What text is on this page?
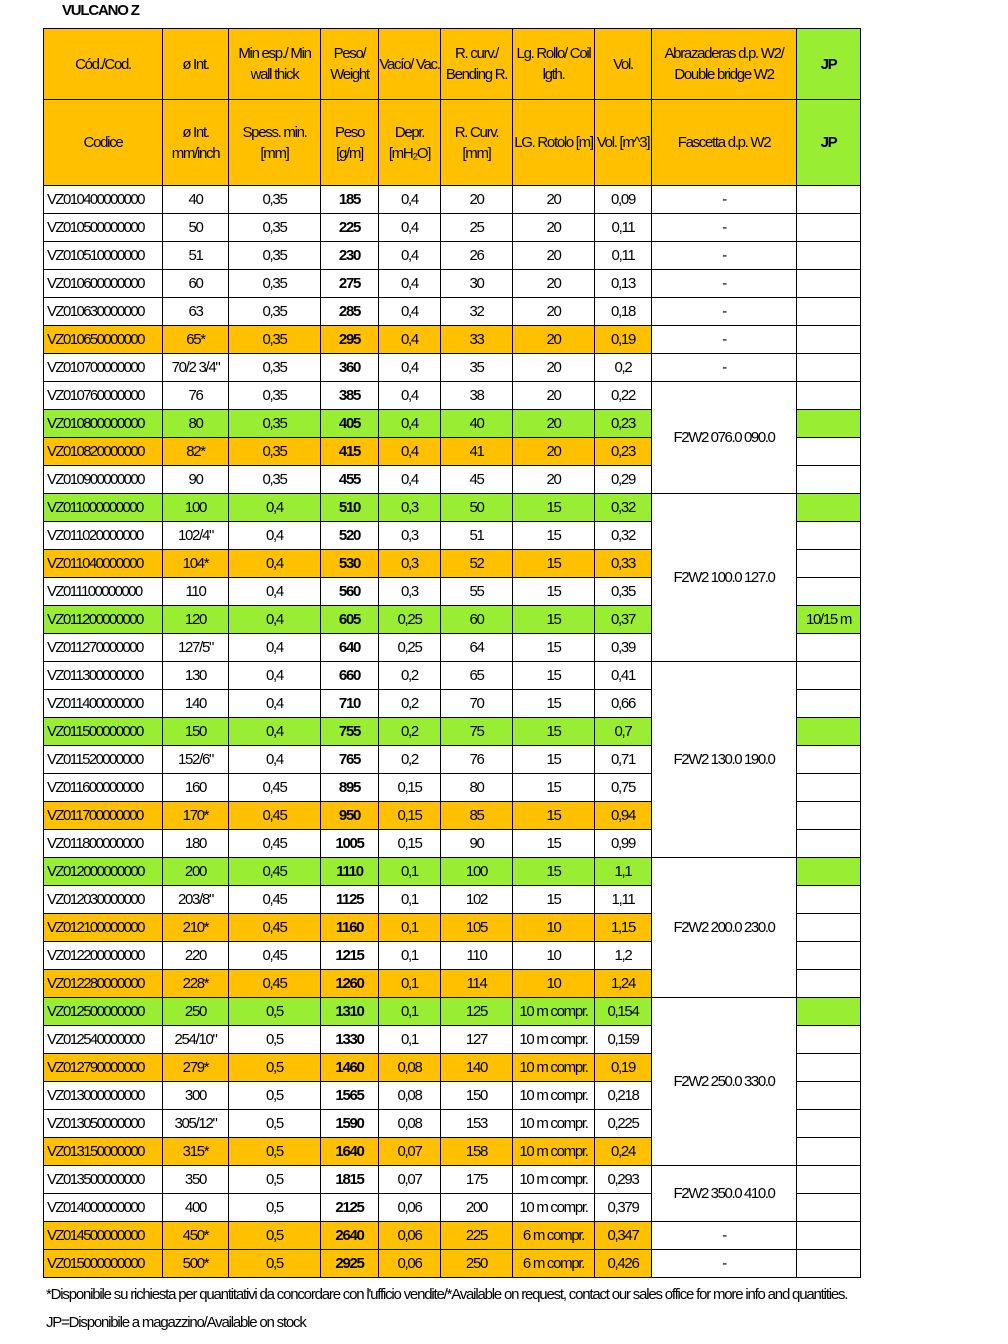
VULCANO Z
Cód./Cod.	ø Int.	Min esp./ Min wall thick	Peso/ Weight	Vacío/ Vac.	R. curv./ Bending R.	Lg. Rollo/ Coil lgth.	Vol.	Abrazaderas d.p. W2/ Double bridge W2	JP
Codice	ø Int. mm/inch	Spess. min. [mm]	Peso [g/m]	Depr. [mH₂O]	R. Curv. [mm]	LG. Rotolo [m]	Vol. [m^3]	Fascetta d.p. W2	JP
VZ010400000000	40	0,35	185	0,4	20	20	0,09	-	
VZ010500000000	50	0,35	225	0,4	25	20	0,11	-	
VZ010510000000	51	0,35	230	0,4	26	20	0,11	-	
VZ010600000000	60	0,35	275	0,4	30	20	0,13	-	
VZ010630000000	63	0,35	285	0,4	32	20	0,18	-	
VZ010650000000	65*	0,35	295	0,4	33	20	0,19	-	
VZ010700000000	70/2 3/4"	0,35	360	0,4	35	20	0,2	-	
VZ010760000000	76	0,35	385	0,4	38	20	0,22	F2W2 076.0 090.0	
VZ010800000000	80	0,35	405	0,4	40	20	0,23		
VZ010820000000	82*	0,35	415	0,4	41	20	0,23		
VZ010900000000	90	0,35	455	0,4	45	20	0,29		
VZ011000000000	100	0,4	510	0,3	50	15	0,32	F2W2 100.0 127.0	
VZ011020000000	102/4"	0,4	520	0,3	51	15	0,32		
VZ011040000000	104*	0,4	530	0,3	52	15	0,33		
VZ011100000000	110	0,4	560	0,3	55	15	0,35		
VZ011200000000	120	0,4	605	0,25	60	15	0,37		10/15 m
VZ011270000000	127/5"	0,4	640	0,25	64	15	0,39		
VZ011300000000	130	0,4	660	0,2	65	15	0,41	F2W2 130.0 190.0	
VZ011400000000	140	0,4	710	0,2	70	15	0,66		
VZ011500000000	150	0,4	755	0,2	75	15	0,7		
VZ011520000000	152/6"	0,4	765	0,2	76	15	0,71		
VZ011600000000	160	0,45	895	0,15	80	15	0,75		
VZ011700000000	170*	0,45	950	0,15	85	15	0,94		
VZ011800000000	180	0,45	1005	0,15	90	15	0,99		
VZ012000000000	200	0,45	1110	0,1	100	15	1,1	F2W2 200.0 230.0	
VZ012030000000	203/8"	0,45	1125	0,1	102	15	1,11		
VZ012100000000	210*	0,45	1160	0,1	105	10	1,15		
VZ012200000000	220	0,45	1215	0,1	110	10	1,2		
VZ012280000000	228*	0,45	1260	0,1	114	10	1,24		
VZ012500000000	250	0,5	1310	0,1	125	10 m compr.	0,154	F2W2 250.0 330.0	
VZ012540000000	254/10"	0,5	1330	0,1	127	10 m compr.	0,159		
VZ012790000000	279*	0,5	1460	0,08	140	10 m compr.	0,19		
VZ013000000000	300	0,5	1565	0,08	150	10 m compr.	0,218		
VZ013050000000	305/12"	0,5	1590	0,08	153	10 m compr.	0,225		
VZ013150000000	315*	0,5	1640	0,07	158	10 m compr.	0,24		
VZ013500000000	350	0,5	1815	0,07	175	10 m compr.	0,293	F2W2 350.0 410.0	
VZ014000000000	400	0,5	2125	0,06	200	10 m compr.	0,379		
VZ014500000000	450*	0,5	2640	0,06	225	6 m compr.	0,347	-	
VZ015000000000	500*	0,5	2925	0,06	250	6 m compr.	0,426	-	
*Disponibile su richiesta per quantitativi da concordare con l'ufficio vendite/*Available on request, contact our sales office for more info and quantities.
JP=Disponibile a magazzino/Available on stock
